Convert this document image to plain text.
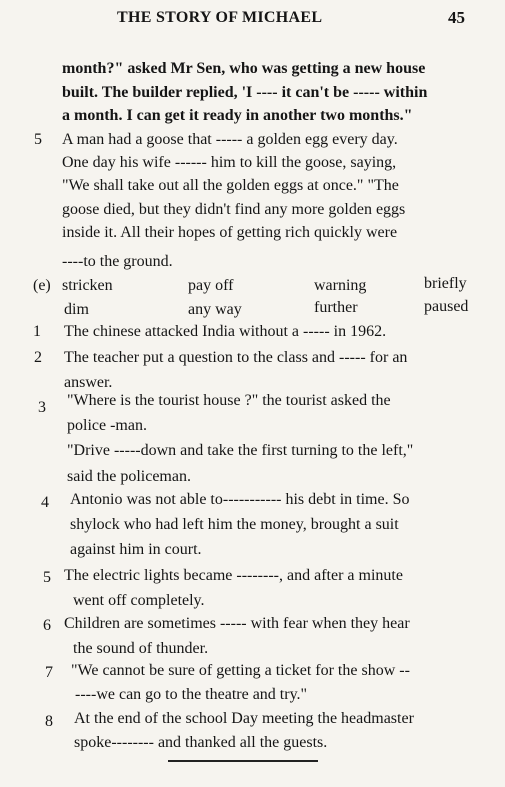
THE STORY OF MICHAEL	45
month?" asked Mr Sen, who was getting a new house
built. The builder replied, 'I ---- it can't be ----- within
a month. I can get it ready in another two months."
5 A man had a goose that ----- a golden egg every day.
One day his wife ------ him to kill the goose, saying,
"We shall take out all the golden eggs at once." "The
goose died, but they didn't find any more golden eggs
inside it. All their hopes of getting rich quickly were
----to the ground.
(e) stricken	pay off	warning	briefly
dim	any way	further	paused
1 The chinese attacked India without a ----- in 1962.
2 The teacher put a question to the class and ----- for an
answer.
3 "Where is the tourist house ?" the tourist asked the
police -man.
"Drive -----down and take the first turning to the left,"
said the policeman.
4 Antonio was not able to----------- his debt in time. So
shylock who had left him the money, brought a suit
against him in court.
5 The electric lights became --------, and after a minute
went off completely.
6 Children are sometimes ----- with fear when they hear
the sound of thunder.
7 "We cannot be sure of getting a ticket for the show --
----we can go to the theatre and try."
8 At the end of the school Day meeting the headmaster
spoke-------- and thanked all the guests.
